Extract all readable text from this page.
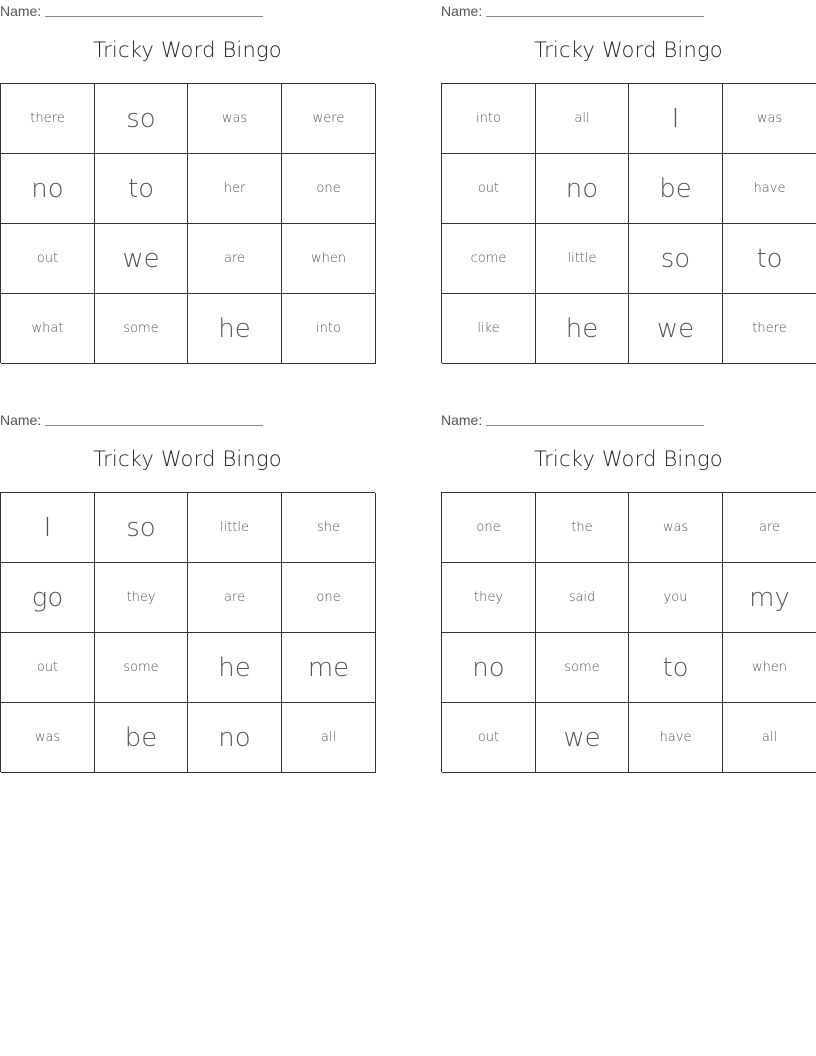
Name:
Tricky Word Bingo
there	so	was	were
no	to	her	one
out	we	are	when
what	some	he	into
Name:
Tricky Word Bingo
into	all	I	was
out	no	be	have
come	little	so	to
like	he	we	there
Name:
Tricky Word Bingo
I	so	little	she
go	they	are	one
out	some	he	me
was	be	no	all
Name:
Tricky Word Bingo
one	the	was	are
they	said	you	my
no	some	to	when
out	we	have	all
